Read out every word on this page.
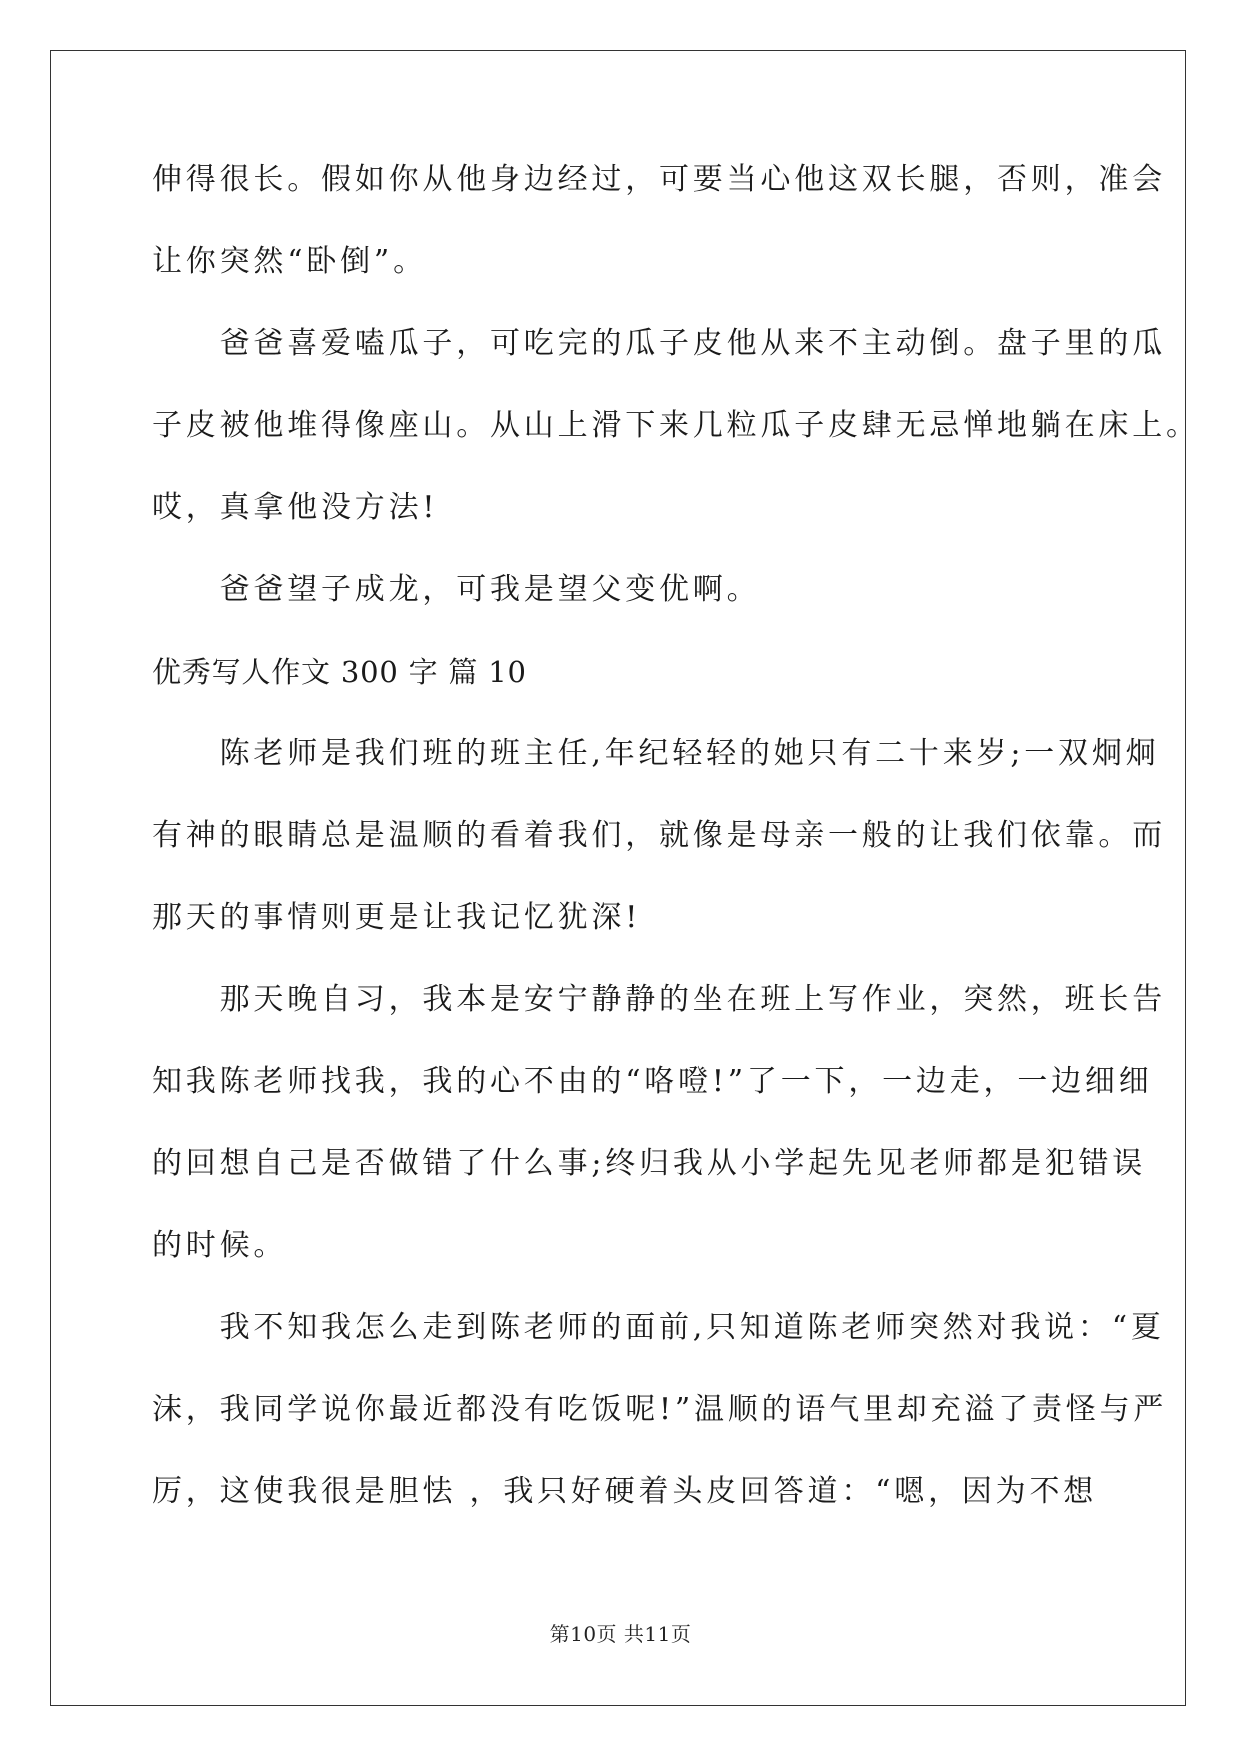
伸得很长。假如你从他身边经过，可要当心他这双长腿，否则，准会
让你突然“卧倒”。
　　爸爸喜爱嗑瓜子，可吃完的瓜子皮他从来不主动倒。盘子里的瓜
子皮被他堆得像座山。从山上滑下来几粒瓜子皮肆无忌惮地躺在床上。
哎，真拿他没方法!
　　爸爸望子成龙，可我是望父变优啊。
优秀写人作文 300 字 篇 10
　　陈老师是我们班的班主任,年纪轻轻的她只有二十来岁;一双炯炯
有神的眼睛总是温顺的看着我们，就像是母亲一般的让我们依靠。而
那天的事情则更是让我记忆犹深!
　　那天晚自习，我本是安宁静静的坐在班上写作业，突然，班长告
知我陈老师找我，我的心不由的“咯噔!”了一下，一边走，一边细细
的回想自己是否做错了什么事;终归我从小学起先见老师都是犯错误
的时候。
　　我不知我怎么走到陈老师的面前,只知道陈老师突然对我说：“夏
沫，我同学说你最近都没有吃饭呢!”温顺的语气里却充溢了责怪与严
厉，这使我很是胆怯 ，我只好硬着头皮回答道：“嗯，因为不想
第10页 共11页
